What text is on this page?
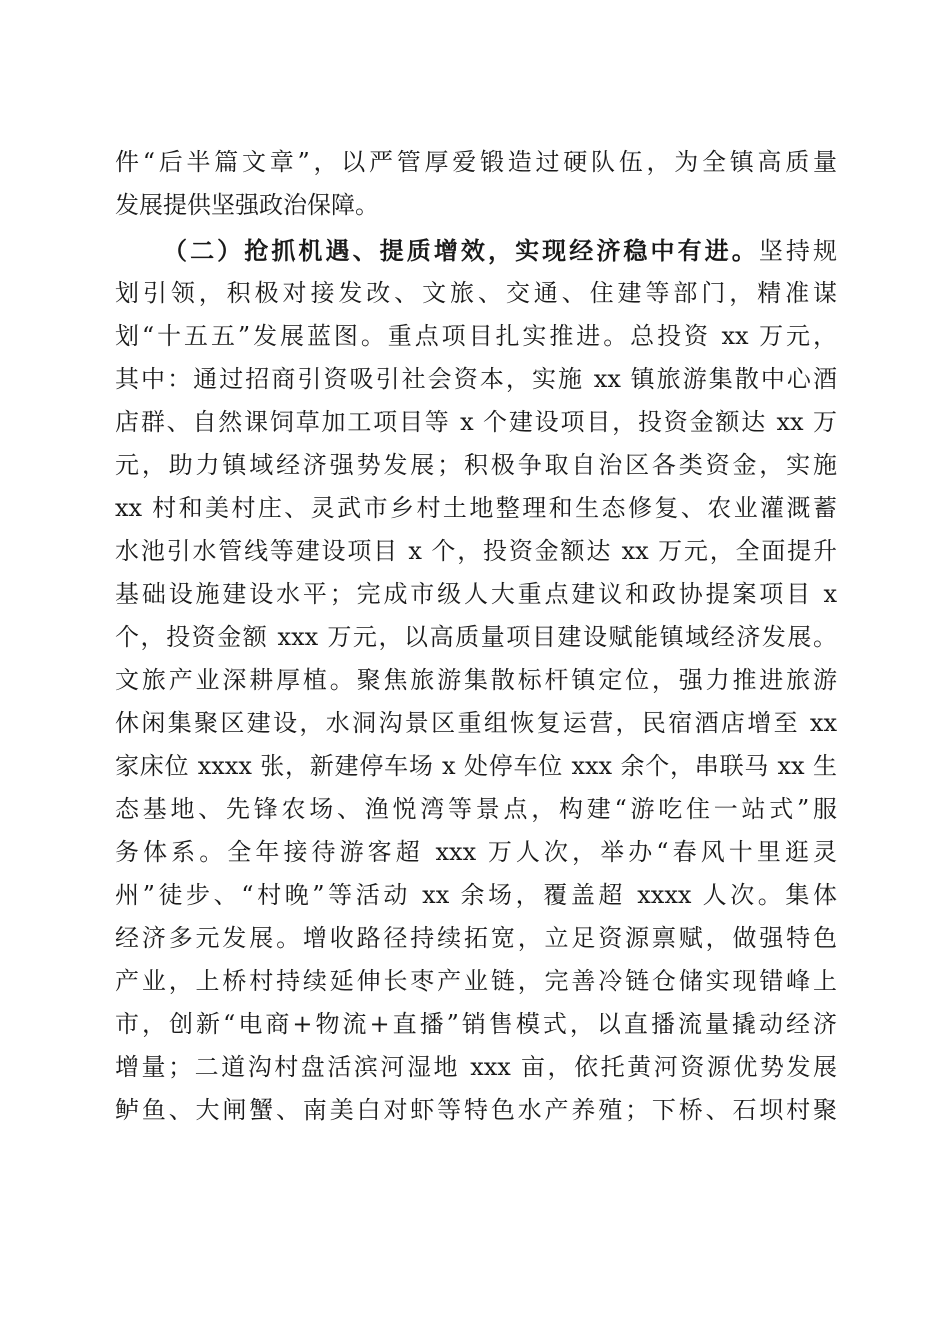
件“后半篇文章”，以严管厚爱锻造过硬队伍，为全镇高质量
发展提供坚强政治保障。
（二）抢抓机遇、提质增效，实现经济稳中有进。坚持规
划引领，积极对接发改、文旅、交通、住建等部门，精准谋
划“十五五”发展蓝图。重点项目扎实推进。总投资 xx 万元，
其中：通过招商引资吸引社会资本，实施 xx 镇旅游集散中心酒
店群、自然课饲草加工项目等 x 个建设项目，投资金额达 xx 万
元，助力镇域经济强势发展；积极争取自治区各类资金，实施
xx 村和美村庄、灵武市乡村土地整理和生态修复、农业灌溉蓄
水池引水管线等建设项目 x 个，投资金额达 xx 万元，全面提升
基础设施建设水平；完成市级人大重点建议和政协提案项目 x
个，投资金额 xxx 万元，以高质量项目建设赋能镇域经济发展。
文旅产业深耕厚植。聚焦旅游集散标杆镇定位，强力推进旅游
休闲集聚区建设，水洞沟景区重组恢复运营，民宿酒店增至 xx
家床位 xxxx 张，新建停车场 x 处停车位 xxx 余个，串联马 xx 生
态基地、先锋农场、渔悦湾等景点，构建“游吃住一站式”服
务体系。全年接待游客超 xxx 万人次，举办“春风十里逛灵
州”徒步、“村晚”等活动 xx 余场，覆盖超 xxxx 人次。集体
经济多元发展。增收路径持续拓宽，立足资源禀赋，做强特色
产业，上桥村持续延伸长枣产业链，完善冷链仓储实现错峰上
市，创新“电商+物流+直播”销售模式，以直播流量撬动经济
增量；二道沟村盘活滨河湿地 xxx 亩，依托黄河资源优势发展
鲈鱼、大闸蟹、南美白对虾等特色水产养殖；下桥、石坝村聚
